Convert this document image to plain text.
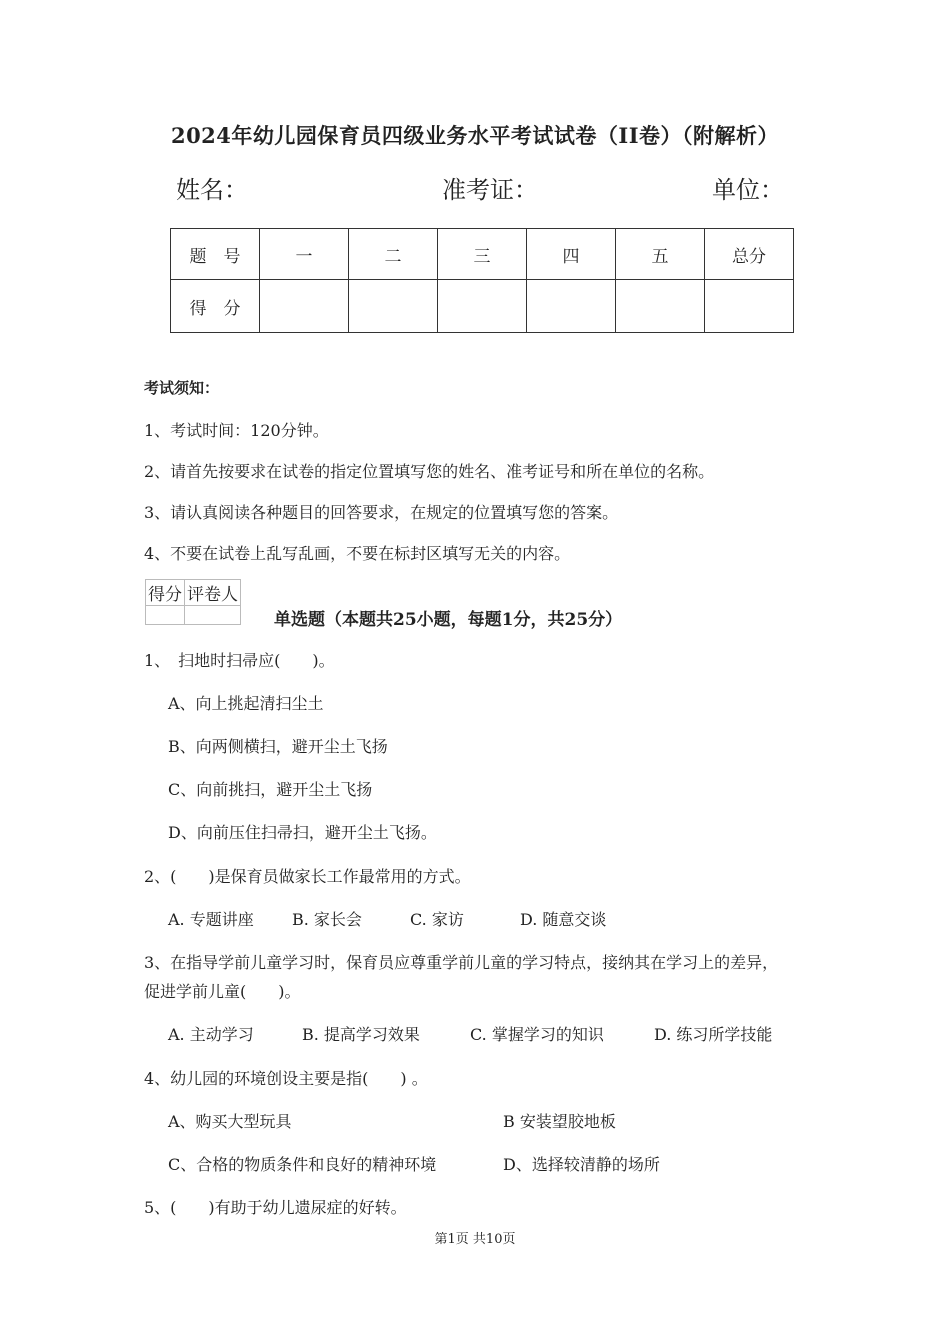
2024年幼儿园保育员四级业务水平考试试卷（II卷）（附解析）
姓名：	准考证：	单位：
题　号	一	二	三	四	五	总分
得　分						
考试须知：
1、考试时间：120分钟。
2、请首先按要求在试卷的指定位置填写您的姓名、准考证号和所在单位的名称。
3、请认真阅读各种题目的回答要求，在规定的位置填写您的答案。
4、不要在试卷上乱写乱画，不要在标封区填写无关的内容。
得分	评卷人

单选题（本题共25小题，每题1分，共25分）
1、　扫地时扫帚应(　　)。
A、向上挑起清扫尘土
B、向两侧横扫，避开尘土飞扬
C、向前挑扫，避开尘土飞扬
D、向前压住扫帚扫，避开尘土飞扬。
2、(　　)是保育员做家长工作最常用的方式。
A. 专题讲座 B. 家长会	C. 家访	D. 随意交谈
3、在指导学前儿童学习时，保育员应尊重学前儿童的学习特点，接纳其在学习上的差异，
促进学前儿童(　　)。
A. 主动学习	B. 提高学习效果	C. 掌握学习的知识	D. 练习所学技能
4、幼儿园的环境创设主要是指(　　) 。
A、购买大型玩具	B 安装望胶地板
C、合格的物质条件和良好的精神环境	D、选择较清静的场所
5、(　　)有助于幼儿遗尿症的好转。
第1页 共10页
